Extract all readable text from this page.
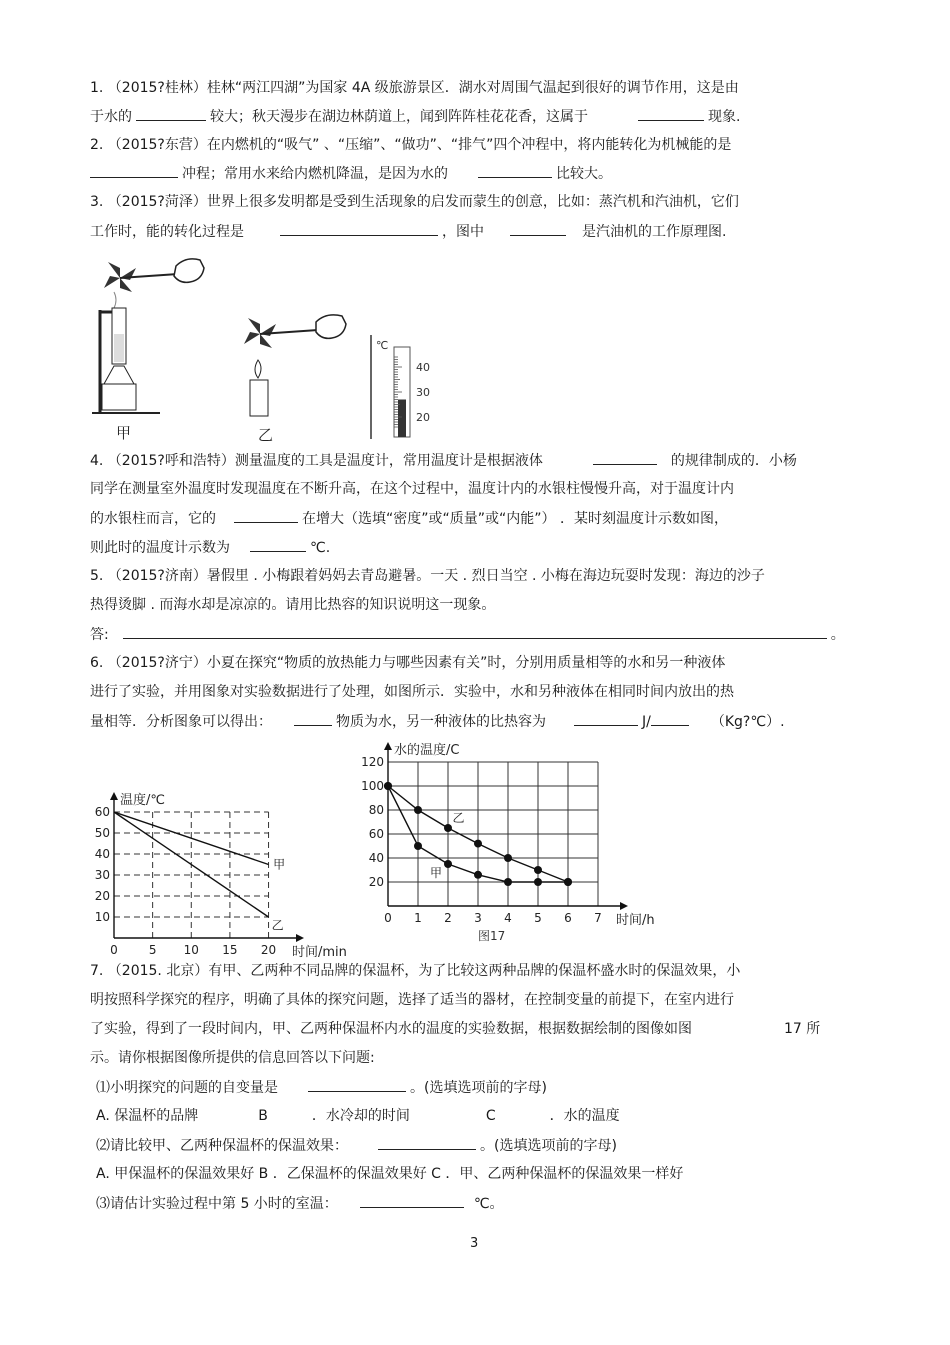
1. （2015?桂林）桂林“两江四湖”为国家 4A 级旅游景区．湖水对周围气温起到很好的调节作用，这是由
于水的	较大；秋天漫步在湖边林荫道上，闻到阵阵桂花花香，这属于	现象.
2. （2015?东营）在内燃机的“吸气” 、“压缩”、“做功”、“排气”四个冲程中，将内能转化为机械能的是
冲程；常用水来给内燃机降温，是因为水的	比较大。
3. （2015?菏泽）世界上很多发明都是受到生活现象的启发而蒙生的创意，比如：蒸汽机和汽油机，它们
工作时，能的转化过程是	，图中	是汽油机的工作原理图.
甲	乙
℃
40
30
20
4. （2015?呼和浩特）测量温度的工具是温度计，常用温度计是根据液体	的规律制成的．小杨
同学在测量室外温度时发现温度在不断升高，在这个过程中，温度计内的水银柱慢慢升高，对于温度计内
的水银柱而言，它的	在增大（选填“密度”或“质量”或“内能”） ．某时刻温度计示数如图，
则此时的温度计示数为	℃.
5. （2015?济南）暑假里 . 小梅跟着妈妈去青岛避暑。一天 . 烈日当空 . 小梅在海边玩耍时发现：海边的沙子
热得烫脚 . 而海水却是凉凉的。请用比热容的知识说明这一现象。
答:	。
6. （2015?济宁）小夏在探究“物质的放热能力与哪些因素有关”时，分别用质量相等的水和另一种液体
进行了实验，并用图象对实验数据进行了处理，如图所示．实验中，水和另种液体在相同时间内放出的热
量相等．分析图象可以得出：	物质为水，另一种液体的比热容为	J/	（Kg?℃）.
60
50
40
30
20
10
0	5 10 15 20
温度/℃
时间/min
甲
乙
120
100
80
60
40
20
0 1 2 3 4 5 6 7
水的温度/C
时间/h
乙
甲
图17
7. （2015. 北京）有甲、乙两种不同品牌的保温杯，为了比较这两种品牌的保温杯盛水时的保温效果，小
明按照科学探究的程序，明确了具体的探究问题，选择了适当的器材，在控制变量的前提下，在室内进行
了实验，得到了一段时间内，甲、乙两种保温杯内水的温度的实验数据，根据数据绘制的图像如图	17 所
示。请你根据图像所提供的信息回答以下问题:
⑴小明探究的问题的自变量是	。(选填选项前的字母)
A. 保温杯的品牌	B	．水冷却的时间	C	．水的温度
⑵请比较甲、乙两种保温杯的保温效果：	。(选填选项前的字母)
A. 甲保温杯的保温效果好 B ．乙保温杯的保温效果好 C ．甲、乙两种保温杯的保温效果一样好
⑶请估计实验过程中第 5 小时的室温：	℃。
3
